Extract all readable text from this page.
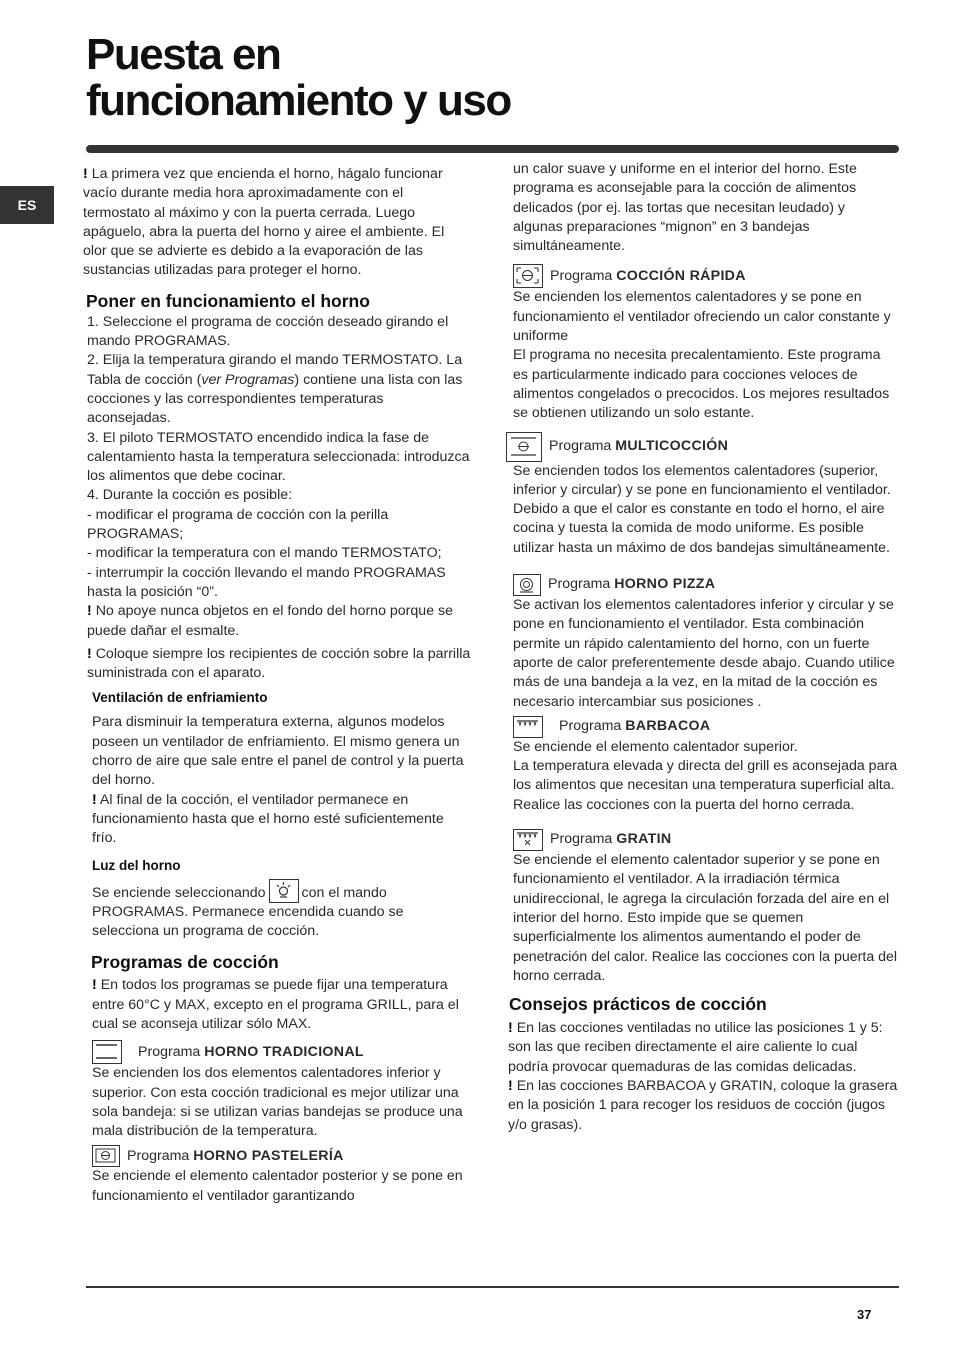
Puesta en
funcionamiento y uso
ES

! La primera vez que encienda el horno, hágalo funcionar vacío durante media hora aproximadamente con el termostato al máximo y con la puerta cerrada. Luego apáguelo, abra la puerta del horno y airee el ambiente. El olor que se advierte es debido a la evaporación de las sustancias utilizadas para proteger el horno.

Poner en funcionamiento el horno

1. Seleccione el programa de cocción deseado girando el mando PROGRAMAS.

2. Elija la temperatura girando el mando TERMOSTATO. La Tabla de cocción (ver Programas) contiene una lista con las cocciones y las correspondientes temperaturas aconsejadas.

3. El piloto TERMOSTATO encendido indica la fase de calentamiento hasta la temperatura seleccionada: introduzca los alimentos que debe cocinar.

4. Durante la cocción es posible:

- modificar el programa de cocción con la perilla PROGRAMAS;

- modificar la temperatura con el mando TERMOSTATO;

- interrumpir la cocción llevando el mando PROGRAMAS hasta la posición “0”.

! No apoye nunca objetos en el fondo del horno porque se puede dañar el esmalte.

! Coloque siempre los recipientes de cocción sobre la parrilla suministrada con el aparato.

Ventilación de enfriamiento

Para disminuir la temperatura externa, algunos modelos poseen un ventilador de enfriamiento. El mismo genera un chorro de aire que sale entre el panel de control y la puerta del horno.

! Al final de la cocción, el ventilador permanece en funcionamiento hasta que el horno esté suficientemente frío.

Luz del horno

Se enciende seleccionando	con el mando PROGRAMAS. Permanece encendida cuando se selecciona un programa de cocción.

Programas de cocción

! En todos los programas se puede fijar una temperatura entre 60°C y MAX, excepto en el programa GRILL, para el cual se aconseja utilizar sólo MAX.

Programa
HORNO TRADICIONAL

Se encienden los dos elementos calentadores inferior y superior. Con esta cocción tradicional es mejor utilizar una sola bandeja: si se utilizan varias bandejas se produce una mala distribución de la temperatura.

Programa
HORNO PASTELERÍA

Se enciende el elemento calentador posterior y se pone en funcionamiento el ventilador garantizando

un calor suave y uniforme en el interior del horno. Este programa es aconsejable para la cocción de alimentos delicados (por ej. las tortas que necesitan leudado) y algunas preparaciones “mignon” en 3 bandejas simultáneamente.

Programa
COCCIÓN RÁPIDA

Se encienden los elementos calentadores y se pone en funcionamiento el ventilador ofreciendo un calor constante y uniforme

El programa no necesita precalentamiento. Este programa es particularmente indicado para cocciones veloces de alimentos congelados o precocidos. Los mejores resultados se obtienen utilizando un solo estante.

Programa
MULTICOCCIÓN

Se encienden todos los elementos calentadores (superior, inferior y circular) y se pone en funcionamiento el ventilador. Debido a que el calor es constante en todo el horno, el aire cocina y tuesta la comida de modo uniforme. Es posible utilizar hasta un máximo de dos bandejas simultáneamente.

Programa
HORNO PIZZA

Se activan los elementos calentadores inferior y circular y se pone en funcionamiento el ventilador. Esta combinación permite un rápido calentamiento del horno, con un fuerte aporte de calor preferentemente desde abajo. Cuando utilice más de una bandeja a la vez, en la mitad de la cocción es necesario intercambiar sus posiciones .

Programa
BARBACOA

Se enciende el elemento calentador superior.

La temperatura elevada y directa del grill es aconsejada para los alimentos que necesitan una temperatura superficial alta. Realice las cocciones con la puerta del horno cerrada.

Programa
GRATIN

Se enciende el elemento calentador superior y se pone en funcionamiento el ventilador. A la irradiación térmica unidireccional, le agrega la circulación forzada del aire en el interior del horno. Esto impide que se quemen superficialmente los alimentos aumentando el poder de penetración del calor. Realice las cocciones con la puerta del horno cerrada.

Consejos prácticos de cocción

! En las cocciones ventiladas no utilice las posiciones 1 y 5: son las que reciben directamente el aire caliente lo cual podría provocar quemaduras de las comidas delicadas.

! En las cocciones BARBACOA y GRATIN, coloque la grasera en la posición 1 para recoger los residuos de cocción (jugos y/o grasas).

37
